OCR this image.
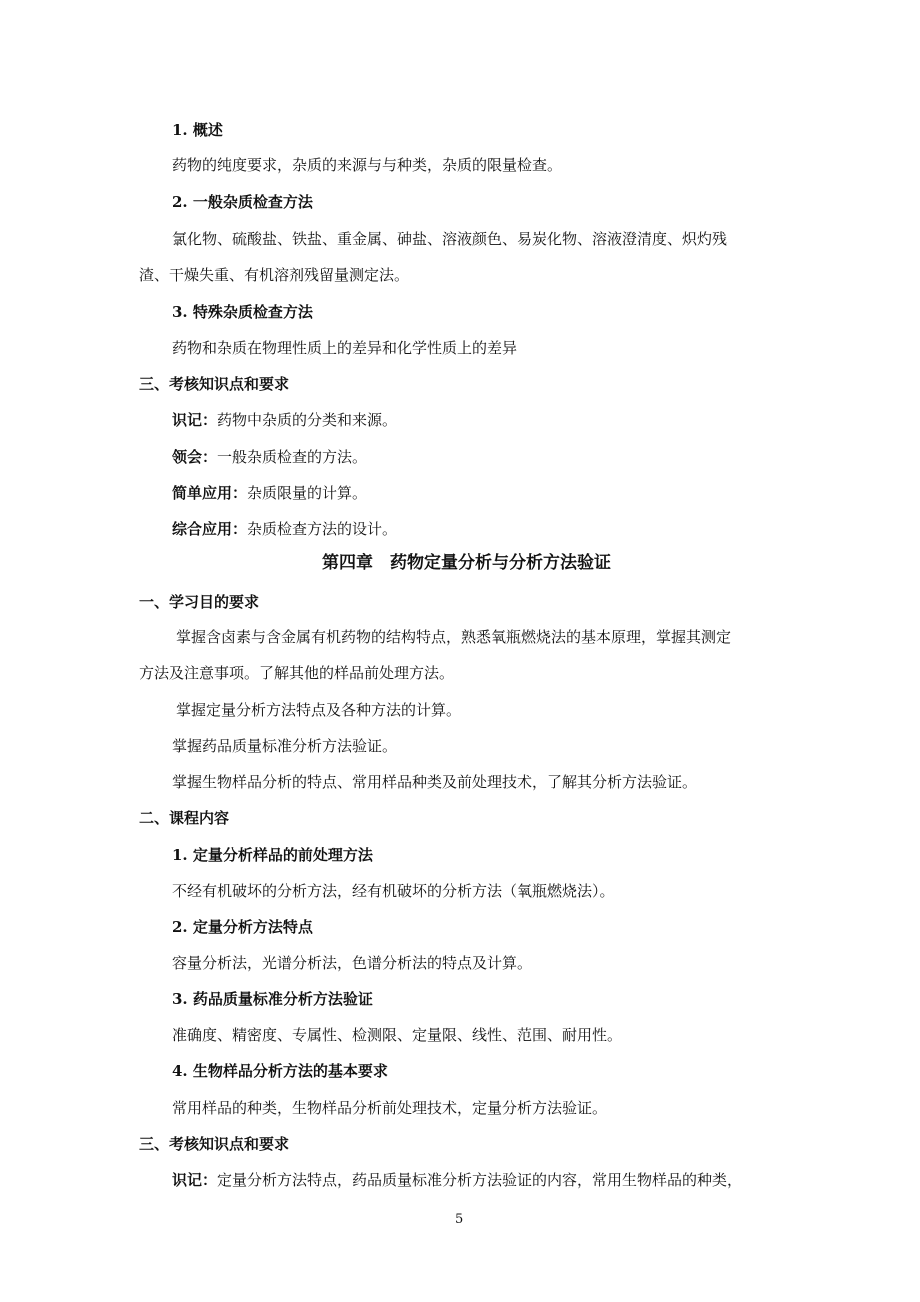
1. 概述
药物的纯度要求，杂质的来源与与种类，杂质的限量检查。
2. 一般杂质检查方法
氯化物、硫酸盐、铁盐、重金属、砷盐、溶液颜色、易炭化物、溶液澄清度、炽灼残
渣、干燥失重、有机溶剂残留量测定法。
3. 特殊杂质检查方法
药物和杂质在物理性质上的差异和化学性质上的差异
三、考核知识点和要求
识记：药物中杂质的分类和来源。
领会：一般杂质检查的方法。
简单应用：杂质限量的计算。
综合应用：杂质检查方法的设计。
第四章　药物定量分析与分析方法验证
一、学习目的要求
掌握含卤素与含金属有机药物的结构特点，熟悉氧瓶燃烧法的基本原理，掌握其测定
方法及注意事项。了解其他的样品前处理方法。
掌握定量分析方法特点及各种方法的计算。
掌握药品质量标准分析方法验证。
掌握生物样品分析的特点、常用样品种类及前处理技术，了解其分析方法验证。
二、课程内容
1. 定量分析样品的前处理方法
不经有机破坏的分析方法，经有机破坏的分析方法（氧瓶燃烧法）。
2. 定量分析方法特点
容量分析法，光谱分析法，色谱分析法的特点及计算。
3. 药品质量标准分析方法验证
准确度、精密度、专属性、检测限、定量限、线性、范围、耐用性。
4. 生物样品分析方法的基本要求
常用样品的种类，生物样品分析前处理技术，定量分析方法验证。
三、考核知识点和要求
识记：定量分析方法特点，药品质量标准分析方法验证的内容，常用生物样品的种类，
5
